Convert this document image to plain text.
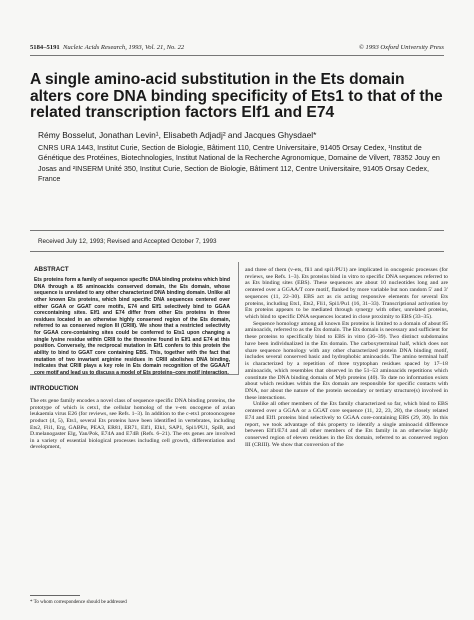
5184–5191 Nucleic Acids Research, 1993, Vol. 21, No. 22	© 1993 Oxford University Press
A single amino-acid substitution in the Ets domain alters core DNA binding specificity of Ets1 to that of the related transcription factors Elf1 and E74
Rémy Bosselut, Jonathan Levin¹, Elisabeth Adjadj² and Jacques Ghysdael*
CNRS URA 1443, Institut Curie, Section de Biologie, Bâtiment 110, Centre Universitaire, 91405 Orsay Cedex, ¹Institut de Génétique des Protéines, Biotechnologies, Institut National de la Recherche Agronomique, Domaine de Vilvert, 78352 Jouy en Josas and ²INSERM Unité 350, Institut Curie, Section de Biologie, Bâtiment 112, Centre Universitaire, 91405 Orsay Cedex, France
Received July 12, 1993; Revised and Accepted October 7, 1993
ABSTRACT

Ets proteins form a family of sequence specific DNA binding proteins which bind DNA through a 85 aminoacids conserved domain, the Ets domain, whose sequence is unrelated to any other characterized DNA binding domain. Unlike all other known Ets proteins, which bind specific DNA sequences centered over either GGAA or GGAT core motifs, E74 and Elf1 selectively bind to GGAA corecontaining sites. Elf1 and E74 differ from other Ets proteins in three residues located in an otherwise highly conserved region of the Ets domain, referred to as conserved region III (CRIII). We show that a restricted selectivity for GGAA core-containing sites could be conferred to Ets1 upon changing a single lysine residue within CRIII to the threonine found in Elf1 and E74 at this position. Conversely, the reciprocal mutation in Elf1 confers to this protein the ability to bind to GGAT core containing EBS. This, together with the fact that mutation of two invariant arginine residues in CRIII abolishes DNA binding, indicates that CRIII plays a key role in Ets domain recognition of the GGAA/T core motif and lead us to discuss a model of Ets proteins–core motif interaction.

INTRODUCTION

The ets gene family encodes a novel class of sequence specific DNA binding proteins, the prototype of which is cets1, the cellular homolog of the v-ets oncogene of avian leukaemia virus E26 (for reviews, see Refs. 1–3). In addition to the c-ets1 protooncogene product (4, 5), Ets1, several Ets proteins have been identified in vertebrates, including Ets2, Fli1, Erg, GABPα, PEA3, ER81, ER71, Elf1, Elk1, SAP1, Spi1/PU1, SpiB, and D.melanogaster Elg, Yan/Pok, E74A and E74B (Refs. 6–21). The ets genes are involved in a variety of essential biological processes including cell growth, differentiation and development,

and three of them (v-ets, fli1 and spi1/PU1) are implicated in oncogenic processes (for reviews, see Refs. 1–3). Ets proteins bind in vitro to specific DNA sequences referred to as Ets binding sites (EBS). These sequences are about 10 nucleotides long and are centered over a GGAA/T core motif, flanked by more variable but non random 5′ and 3′ sequences (11, 22–30). EBS act as cis acting responsive elements for several Ets proteins, including Ets1, Ets2, Fli1, Spi1/Pu1 (16, 31–33). Transcriptional activation by Ets proteins appears to be mediated through synergy with other, unrelated proteins, which bind to specific DNA sequences located in close proximity to EBS (33–35).

Sequence homology among all known Ets proteins is limited to a domain of about 85 aminoacids, referred to as the Ets domain. The Ets domain is necessary and sufficient for these proteins to specifically bind to EBS in vitro (36–39). Two distinct subdomains have been individualized in the Ets domain. The carboxyterminal half, which does not share sequence homology with any other characterized protein DNA binding motif, includes several conserved basic and hydrophobic aminoacids. The amino terminal half is characterized by a repetition of three tryptophan residues spaced by 17–18 aminoacids, which resembles that observed in the 51–53 aminoacids repetitions which constitute the DNA binding domain of Myb proteins (40). To date no information exists about which residues within the Ets domain are responsible for specific contacts with DNA, nor about the nature of the protein secondary or tertiary structure(s) involved in these interactions.

Unlike all other members of the Ets family characterized so far, which bind to EBS centered over a GGAA or a GGAT core sequence (11, 22, 23, 28), the closely related E74 and Elf1 proteins bind selectively to GGAA core-containing EBS (29, 30). In this report, we took advantage of this property to identify a single aminoacid difference between Elf1/E74 and all other members of the Ets family in an otherwise highly conserved region of eleven residues in the Ets domain, referred to as conserved region III (CRIII). We show that conversion of the

* To whom correspondence should be addressed
